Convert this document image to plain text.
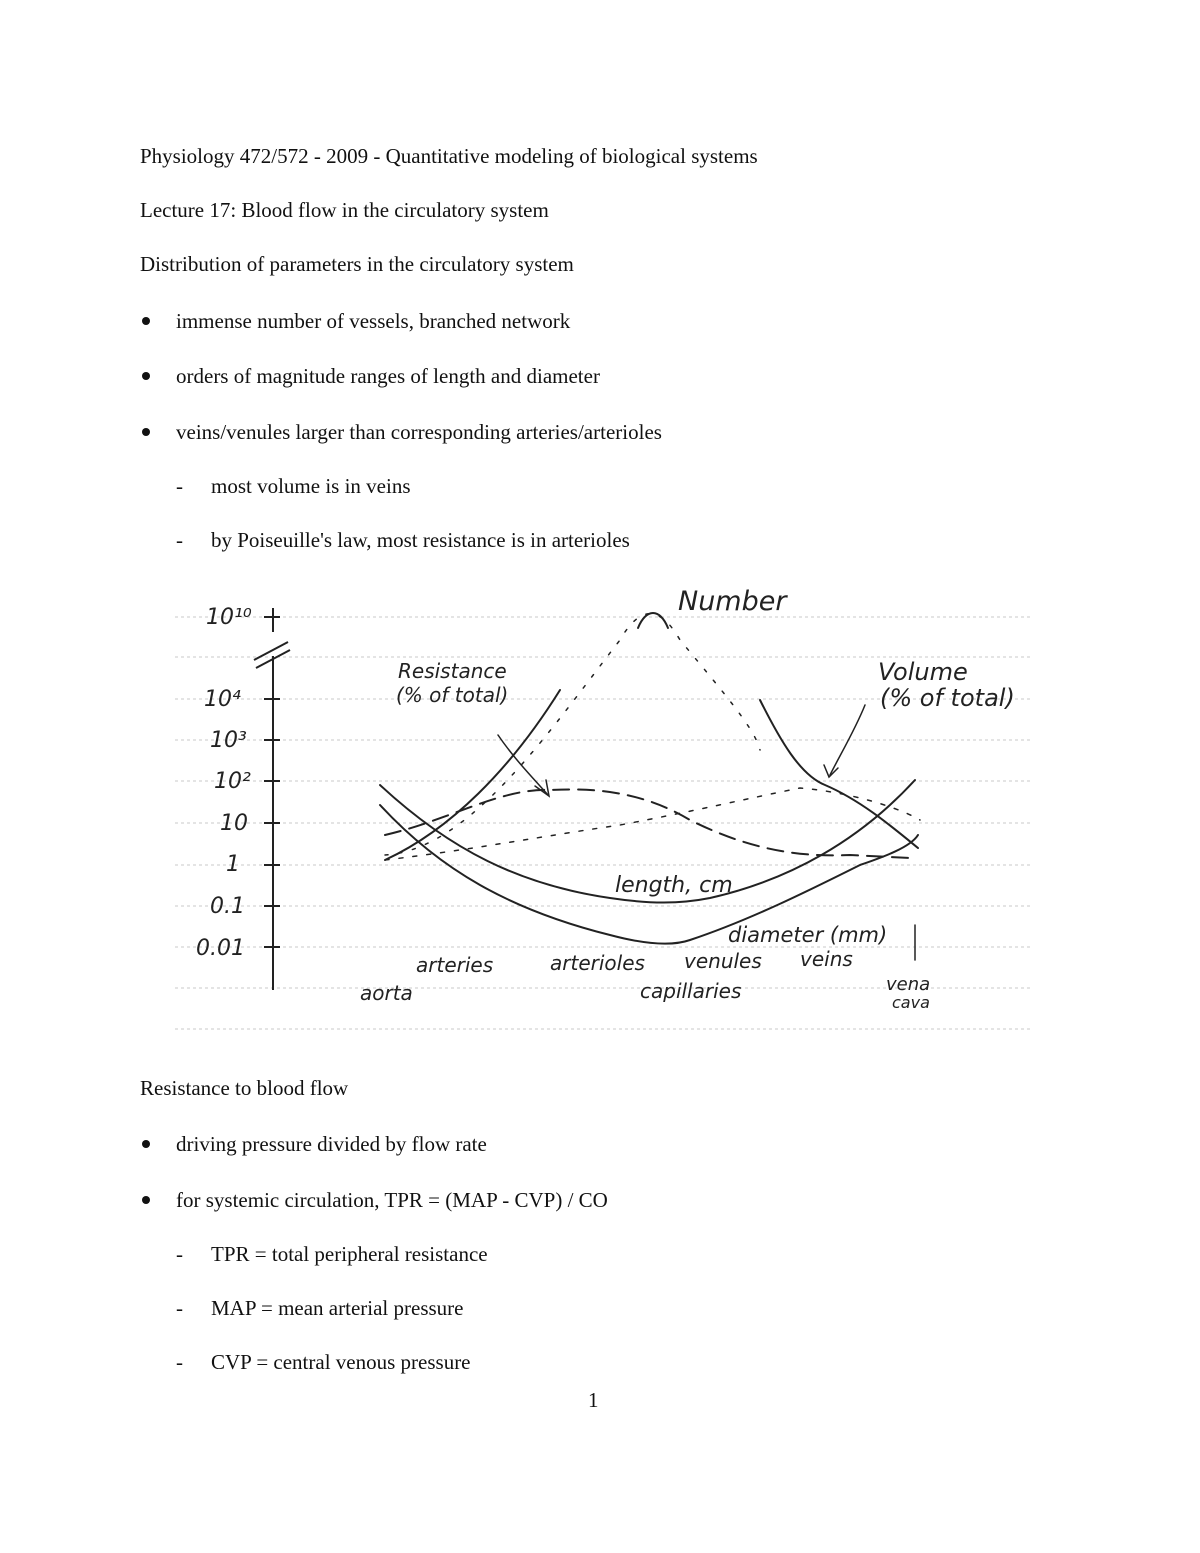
Physiology 472/572 - 2009 - Quantitative modeling of biological systems
Lecture 17: Blood flow in the circulatory system
Distribution of parameters in the circulatory system
immense number of vessels, branched network
orders of magnitude ranges of length and diameter
veins/venules larger than corresponding arteries/arterioles
- most volume is in veins
- by Poiseuille's law, most resistance is in arterioles
10¹⁰
10⁴
10³
10²
10
1
0.1
0.01
Number
Resistance
(% of total)
Volume
(% of total)
length, cm
diameter (mm)
arteries	arterioles venules veins
aorta	capillaries	vena
cava
Resistance to blood flow
driving pressure divided by flow rate
for systemic circulation, TPR = (MAP - CVP) / CO
- TPR = total peripheral resistance
- MAP = mean arterial pressure
- CVP = central venous pressure
1
